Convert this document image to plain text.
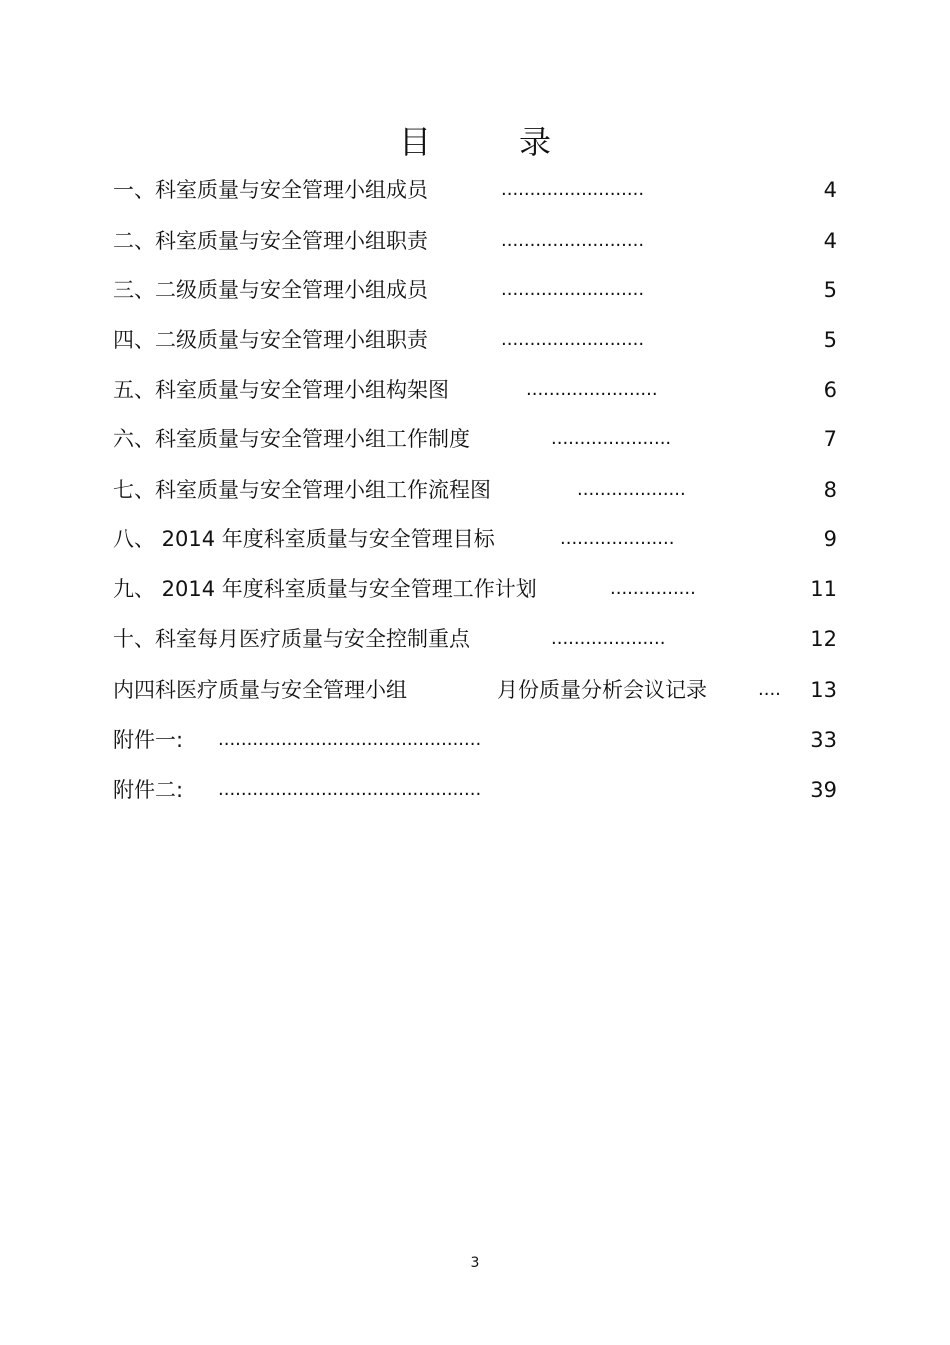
目	录
一、科室质量与安全管理小组成员	.........................	4
二、科室质量与安全管理小组职责	.........................	4
三、二级质量与安全管理小组成员	.........................	5
四、二级质量与安全管理小组职责	.........................	5
五、科室质量与安全管理小组构架图	.......................	6
六、科室质量与安全管理小组工作制度	.....................	7
七、科室质量与安全管理小组工作流程图	...................	8
八、 2014 年度科室质量与安全管理目标	....................	9
九、 2014 年度科室质量与安全管理工作计划	...............	11
十、科室每月医疗质量与安全控制重点	....................	12
内四科医疗质量与安全管理小组	月份质量分析会议记录	.... 13
附件一: ..............................................	33
附件二: ..............................................	39
3
